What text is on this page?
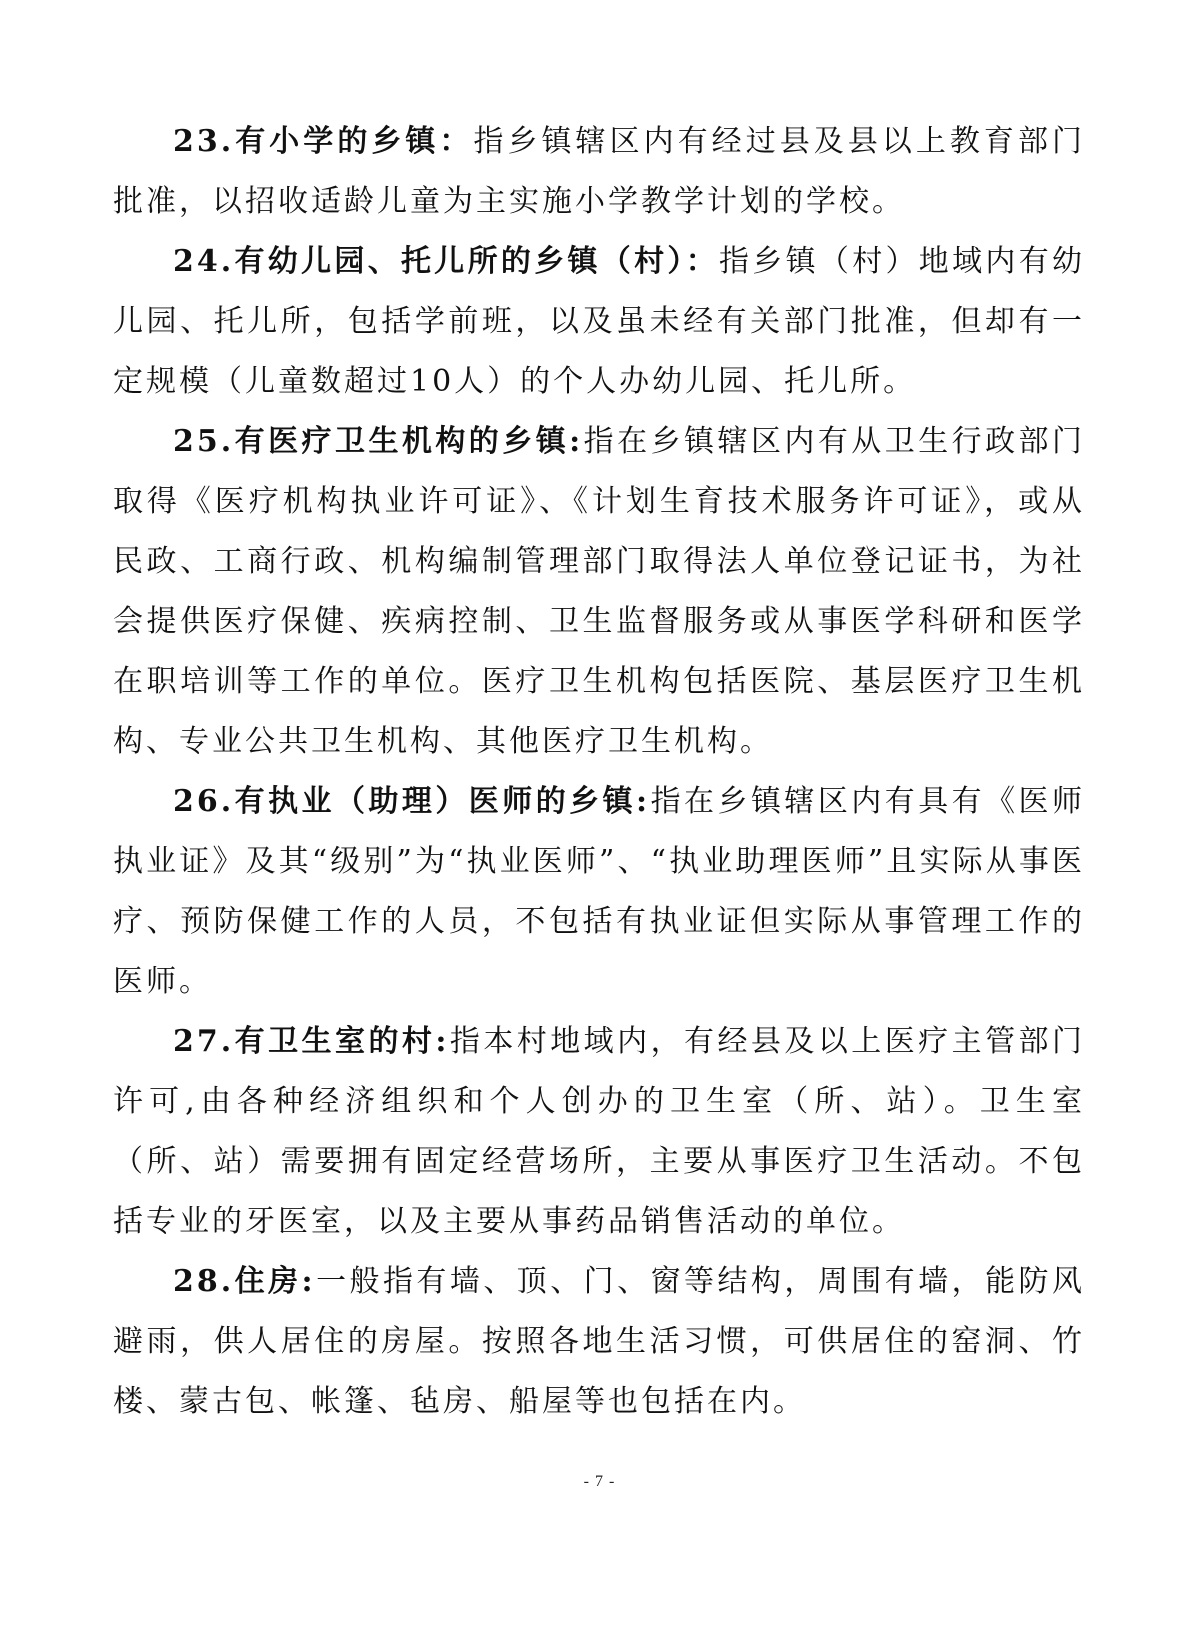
23.有小学的乡镇：指乡镇辖区内有经过县及县以上教育部门批准，以招收适龄儿童为主实施小学教学计划的学校。

24.有幼儿园、托儿所的乡镇（村）：指乡镇（村）地域内有幼儿园、托儿所，包括学前班，以及虽未经有关部门批准，但却有一定规模（儿童数超过10人）的个人办幼儿园、托儿所。

25.有医疗卫生机构的乡镇:指在乡镇辖区内有从卫生行政部门取得《医疗机构执业许可证》、《计划生育技术服务许可证》，或从民政、工商行政、机构编制管理部门取得法人单位登记证书，为社会提供医疗保健、疾病控制、卫生监督服务或从事医学科研和医学在职培训等工作的单位。医疗卫生机构包括医院、基层医疗卫生机构、专业公共卫生机构、其他医疗卫生机构。

26.有执业（助理）医师的乡镇:指在乡镇辖区内有具有《医师执业证》及其“级别”为“执业医师”、“执业助理医师”且实际从事医疗、预防保健工作的人员，不包括有执业证但实际从事管理工作的医师。

27.有卫生室的村:指本村地域内，有经县及以上医疗主管部门许可,由各种经济组织和个人创办的卫生室（所、站）。卫生室（所、站）需要拥有固定经营场所，主要从事医疗卫生活动。不包括专业的牙医室，以及主要从事药品销售活动的单位。

28.住房:一般指有墙、顶、门、窗等结构，周围有墙，能防风避雨，供人居住的房屋。按照各地生活习惯，可供居住的窑洞、竹楼、蒙古包、帐篷、毡房、船屋等也包括在内。

- 7 -
